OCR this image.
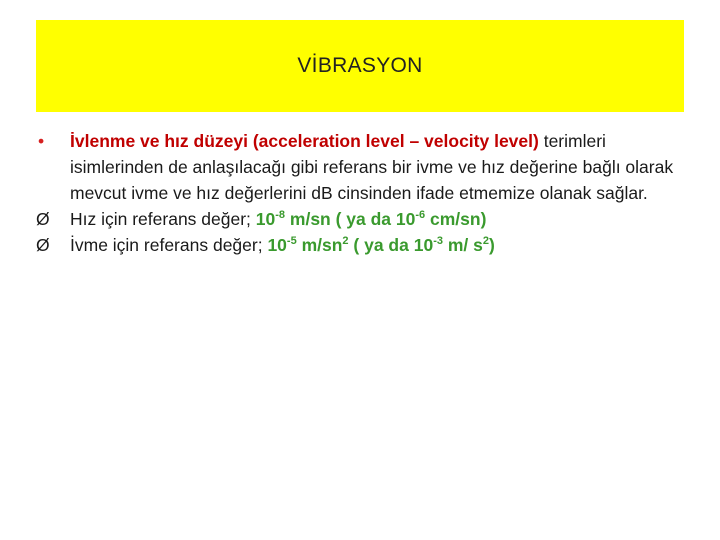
VİBRASYON

•	İvlenme ve hız düzeyi (acceleration level – velocity level) terimleri isimlerinden de anlaşılacağı gibi referans bir ivme ve hız değerine bağlı olarak mevcut ivme ve hız değerlerini dB cinsinden ifade etmemize olanak sağlar.

Ø	Hız için referans değer; $10^{-8}$ m/sn ( ya da $10^{-6}$ cm/sn)

Ø	İvme için referans değer; $10^{-5}$ $m/sn^2$ ( ya da $10^{-3}$ m/ $s^2$)
